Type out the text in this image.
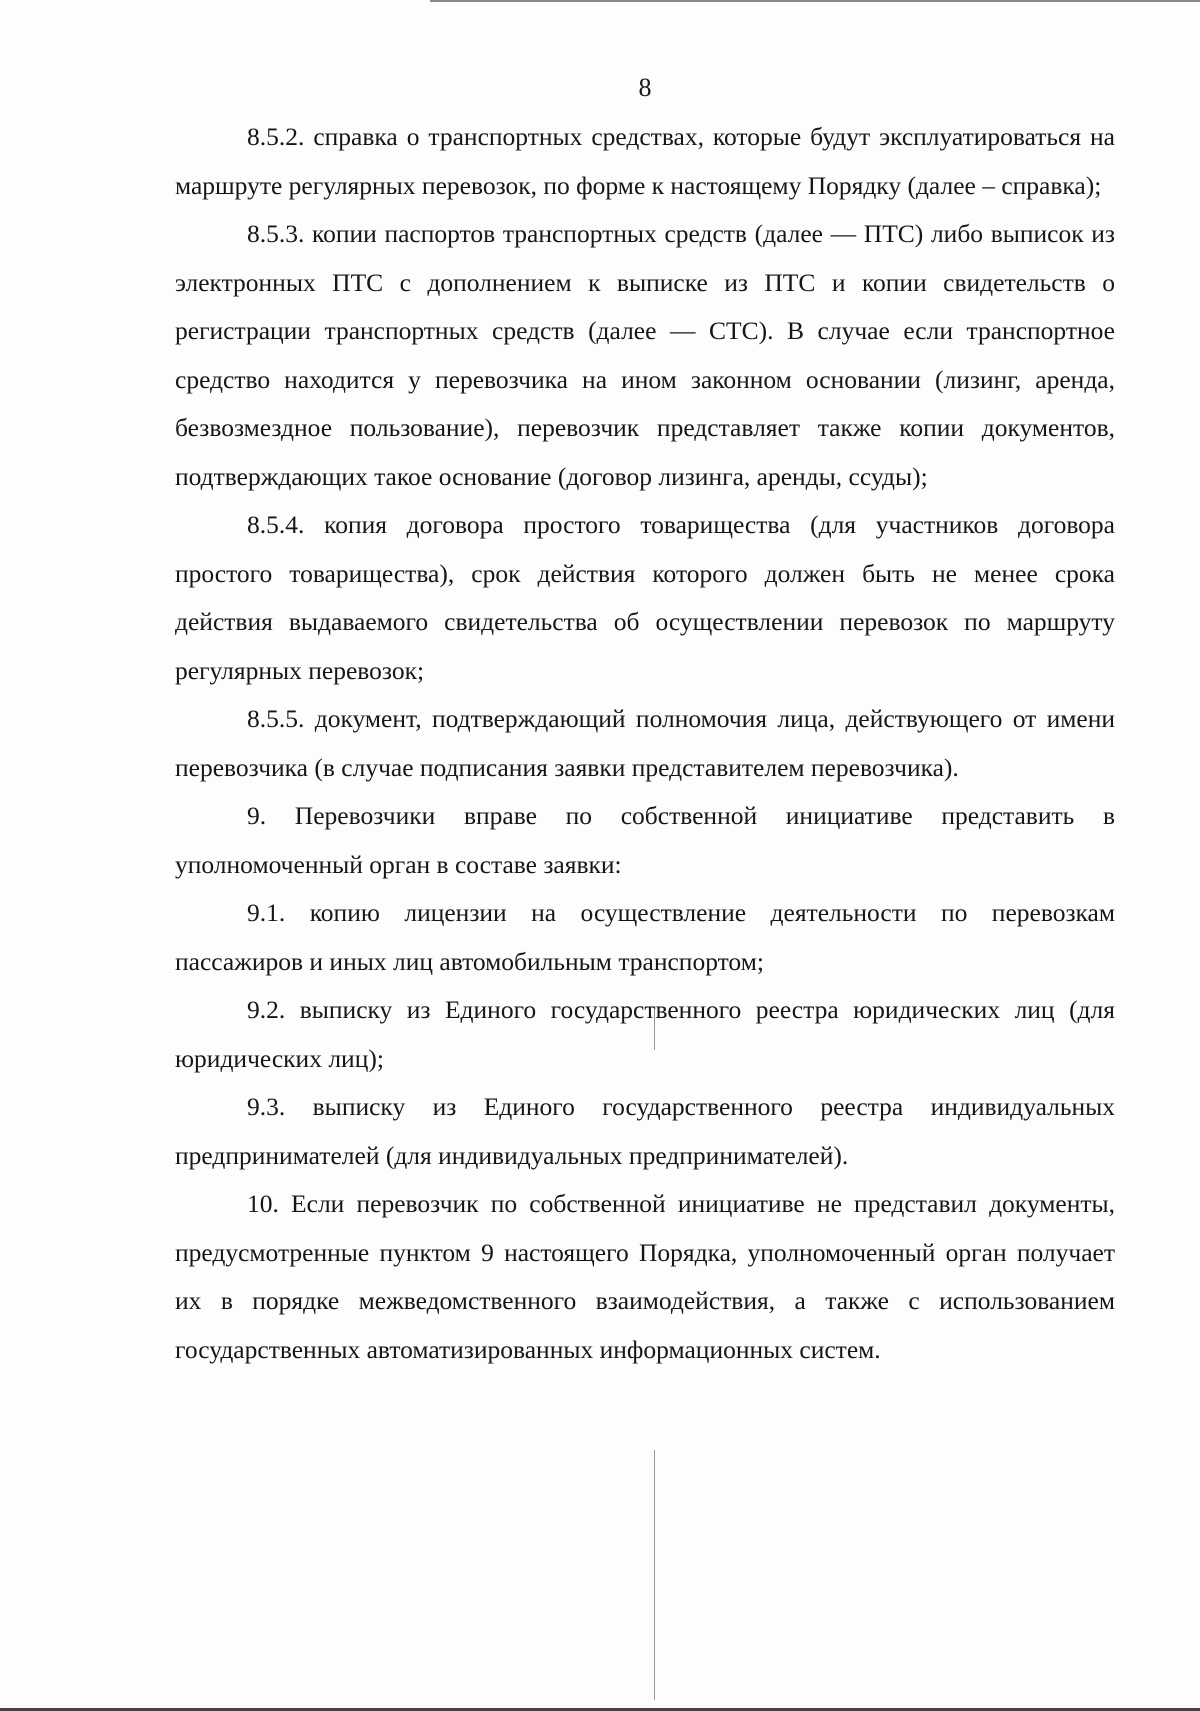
8

8.5.2. справка о транспортных средствах, которые будут эксплуатироваться на маршруте регулярных перевозок, по форме к настоящему Порядку (далее – справка);

8.5.3. копии паспортов транспортных средств (далее — ПТС) либо выписок из электронных ПТС с дополнением к выписке из ПТС и копии свидетельств о регистрации транспортных средств (далее — СТС). В случае если транспортное средство находится у перевозчика на ином законном основании (лизинг, аренда, безвозмездное пользование), перевозчик представляет также копии документов, подтверждающих такое основание (договор лизинга, аренды, ссуды);

8.5.4. копия договора простого товарищества (для участников договора простого товарищества), срок действия которого должен быть не менее срока действия выдаваемого свидетельства об осуществлении перевозок по маршруту регулярных перевозок;

8.5.5. документ, подтверждающий полномочия лица, действующего от имени перевозчика (в случае подписания заявки представителем перевозчика).

9. Перевозчики вправе по собственной инициативе представить в уполномоченный орган в составе заявки:

9.1. копию лицензии на осуществление деятельности по перевозкам пассажиров и иных лиц автомобильным транспортом;

9.2. выписку из Единого государственного реестра юридических лиц (для юридических лиц);

9.3. выписку из Единого государственного реестра индивидуальных предпринимателей (для индивидуальных предпринимателей).

10. Если перевозчик по собственной инициативе не представил документы, предусмотренные пунктом 9 настоящего Порядка, уполномоченный орган получает их в порядке межведомственного взаимодействия, а также с использованием государственных автоматизированных информационных систем.
